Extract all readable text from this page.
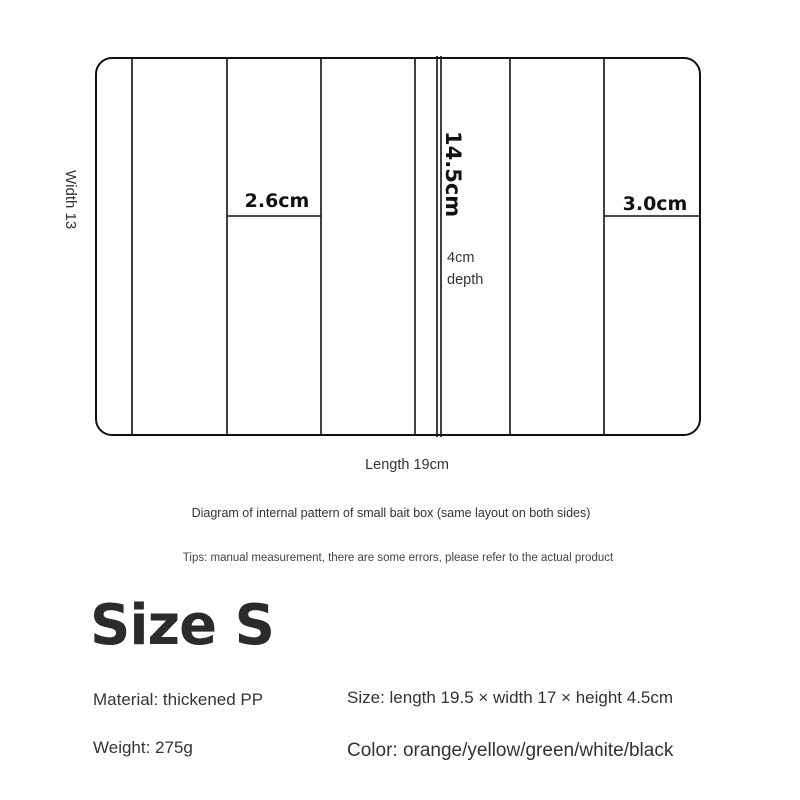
2.6cm	3.0cm
14.5cm
4cm
depth
Width 13
Length 19cm
Diagram of internal pattern of small bait box (same layout on both sides)
Tips: manual measurement, there are some errors, please refer to the actual product
Size S
Material: thickened PP	Size: length 19.5 × width 17 × height 4.5cm
Weight: 275g	Color: orange/yellow/green/white/black
